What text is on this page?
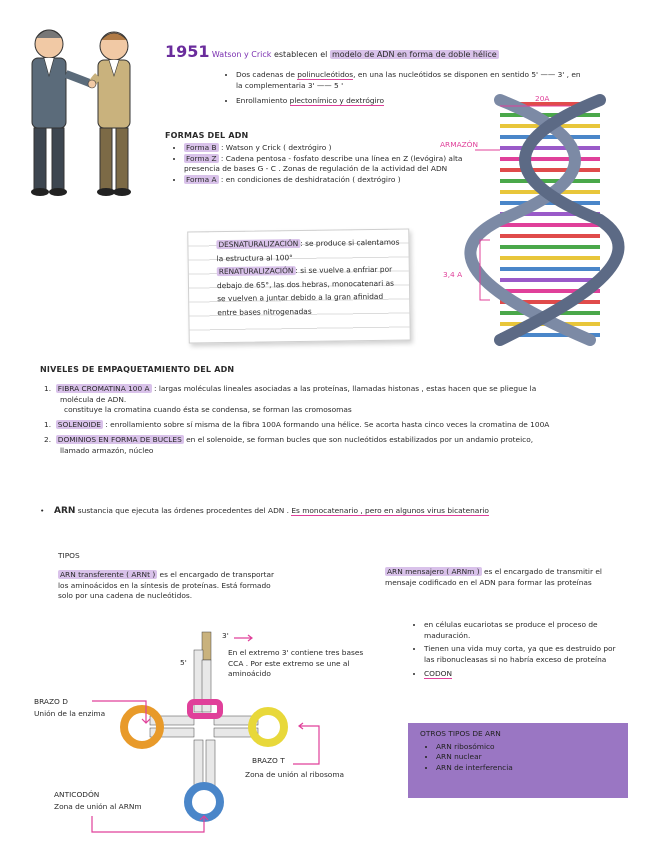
1951 Watson y Crick establecen el modelo de ADN en forma de doble hélice
• Dos cadenas de polinucleótidos, en una las nucleótidos se disponen en sentido 5' —— 3' , en la complementaria 3' —— 5 '
• Enrollamiento plectonímico y dextrógiro	20A
ARMAZÓN
3,4 A
FORMAS DEL ADN
• Forma B : Watson y Crick ( dextrógiro )
• Forma Z : Cadena pentosa - fosfato describe una línea en Z (levógira) alta presencia de bases G - C . Zonas de regulación de la actividad del ADN
• Forma A : en condiciones de deshidratación ( dextrógiro )
DESNATURALIZACIÓN : se produce si calentamos la estructura al 100°
RENATURALIZACIÓN : si se vuelve a enfriar por debajo de 65°, las dos hebras, monocatenari as se vuelven a juntar debido a la gran afinidad entre bases nitrogenadas
NIVELES DE EMPAQUETAMIENTO DEL ADN
1. FIBRA CROMATINA 100 A : largas moléculas lineales asociadas a las proteínas, llamadas histonas , estas hacen que se pliegue la molécula de ADN.
constituye la cromatina cuando ésta se condensa, se forman las cromosomas
1. SOLENOIDE : enrollamiento sobre sí misma de la fibra 100A formando una hélice. Se acorta hasta cinco veces la cromatina de 100A
2. DOMINIOS EN FORMA DE BUCLES en el solenoide, se forman bucles que son nucleótidos estabilizados por un andamio proteico, llamado armazón, núcleo
• ARN sustancia que ejecuta las órdenes procedentes del ADN . Es monocatenario , pero en algunos virus bicatenario
TIPOS
ARN transferente ( ARNt ) es el encargado de transportar los aminoácidos en la síntesis de proteínas. Está formado solo por una cadena de nucleótidos.
ARN mensajero ( ARNm ) es el encargado de transmitir el mensaje codificado en el ADN para formar las proteínas
• en células eucariotas se produce el proceso de maduración.
• Tienen una vida muy corta, ya que es destruido por las ribonucleasas si no habría exceso de proteína
• CODON
3'
5'
En el extremo 3' contiene tres bases CCA . Por este extremo se une al aminoácido
BRAZO D
Unión de la enzima
BRAZO T
Zona de unión al ribosoma
ANTICODÓN
Zona de unión al ARNm
OTROS TIPOS DE ARN
• ARN ribosómico
• ARN nuclear
• ARN de interferencia
